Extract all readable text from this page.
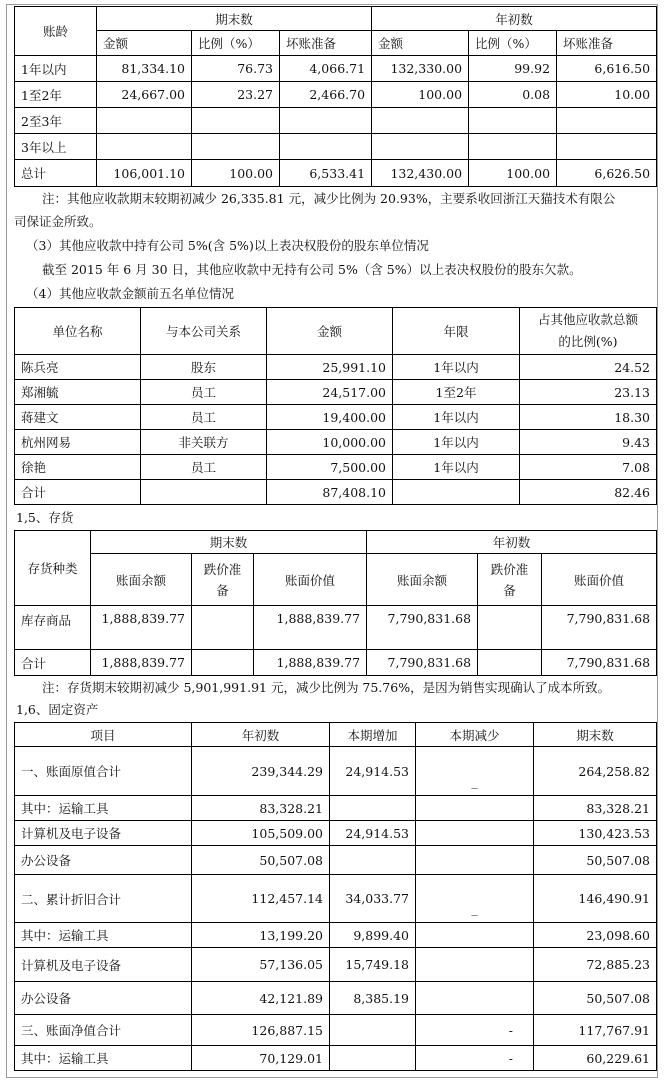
账龄	期末数			年初数		
	金额	比例（%）	坏账准备	金额	比例（%）	坏账准备
1年以内	81,334.10	76.73	4,066.71	132,330.00	99.92	6,616.50
1至2年	24,667.00	23.27	2,466.70	100.00	0.08	10.00
2至3年						
3年以上						
总计	106,001.10	100.00	6,533.41	132,430.00	100.00	6,626.50
注：其他应收款期末较期初减少 26,335.81 元，减少比例为 20.93%，主要系收回浙江天猫技术有限公
司保证金所致。
（3）其他应收款中持有公司 5%(含 5%)以上表决权股份的股东单位情况
截至 2015 年 6 月 30 日，其他应收款中无持有公司 5%（含 5%）以上表决权股份的股东欠款。
（4）其他应收款金额前五名单位情况
单位名称	与本公司关系	金额	年限	占其他应收款总额
的比例(%)

陈兵亮	股东	25,991.10	1年以内	24.52
郑湘毓	员工	24,517.00	1至2年	23.13
蒋建文	员工	19,400.00	1年以内	18.30
杭州网易	非关联方	10,000.00	1年以内	9.43
徐艳	员工	7,500.00	1年以内	7.08
合计		87,408.10		82.46
1,5、存货
存货种类	期末数			年初数		
	账面余额	跌价准备	账面价值	账面余额	跌价准备	账面价值
库存商品	1,888,839.77		1,888,839.77	7,790,831.68		7,790,831.68
合计	1,888,839.77		1,888,839.77	7,790,831.68		7,790,831.68
注：存货期末较期初减少 5,901,991.91 元，减少比例为 75.76%，是因为销售实现确认了成本所致。
1,6、固定资产
项目	年初数	本期增加	本期减少	期末数
一、账面原值合计	239,344.29	24,914.53	_	264,258.82
其中：运输工具	83,328.21			83,328.21
计算机及电子设备	105,509.00	24,914.53		130,423.53
办公设备	50,507.08			50,507.08
二、累计折旧合计	112,457.14	34,033.77	_	146,490.91
其中：运输工具	13,199.20	9,899.40		23,098.60
计算机及电子设备	57,136.05	15,749.18		72,885.23
办公设备	42,121.89	8,385.19		50,507.08
三、账面净值合计	126,887.15		-	117,767.91
其中：运输工具	70,129.01		-	60,229.61
